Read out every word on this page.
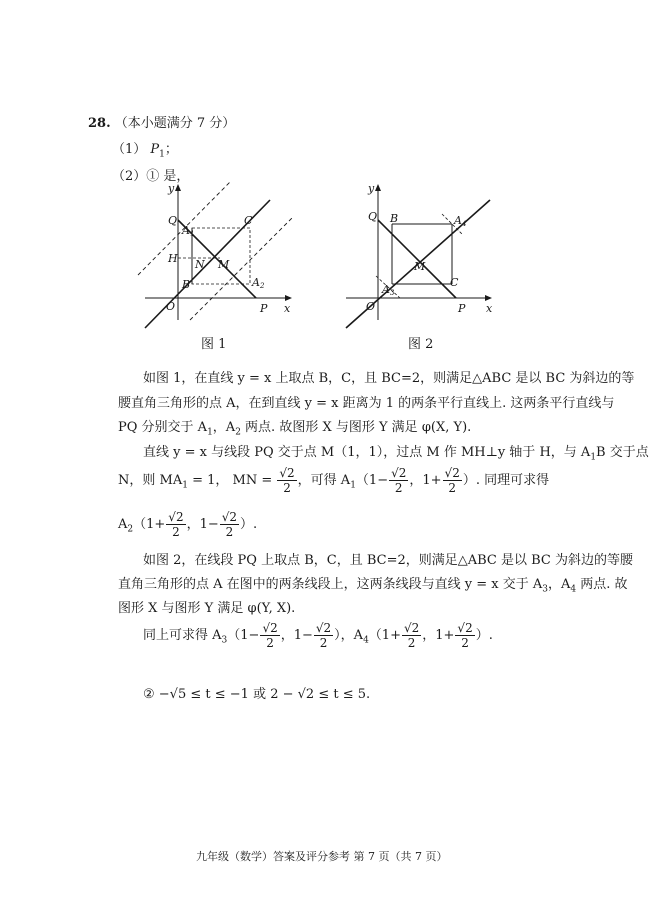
28. （本小题满分 7 分）
（1） $P_1$；
（2）① 是，
y
x
Q
A1
C
H N M
B	A2
O	P
图 1
y
x
Q B	A4
M
A3
C
O	P
图 2
如图 1，在直线 y = x 上取点 B，C，且 BC=2，则满足△ABC 是以 BC 为斜边的等
腰直角三角形的点 A，在到直线 y = x 距离为 1 的两条平行直线上. 这两条平行直线与
PQ 分别交于 $A_1$，$A_2$ 两点. 故图形 X 与图形 Y 满足 φ(X, Y).
直线 y = x 与线段 PQ 交于点 M（1，1），过点 M 作 MH⊥y 轴于 H，与 $A_1B$ 交于点
N，则 $MA_1 = 1$， MN = $\frac{√2}{2}$ ，可得 $A_1(1- \frac{√2}{2}$ ，$1+ \frac{√2}{2}$ ）. 同理可求得
$A_2(1+ \frac{√2}{2}$ ，$1- \frac{√2}{2}$ ）.
如图 2，在线段 PQ 上取点 B，C，且 BC=2，则满足△ABC 是以 BC 为斜边的等腰
直角三角形的点 A 在图中的两条线段上，这两条线段与直线 y = x 交于 $A_3$，$A_4$ 两点. 故
图形 X 与图形 Y 满足 φ(Y, X).
同上可求得 $A_3(1- \frac{√2}{2}$ ，$1- \frac{√2}{2}$ ），$A_4(1+ \frac{√2}{2}$ ，$1+ \frac{√2}{2}$ ）.
② −√5 ≤ t ≤ −1 或 2 − √2 ≤ t ≤ 5.
九年级（数学）答案及评分参考 第 7 页（共 7 页）
